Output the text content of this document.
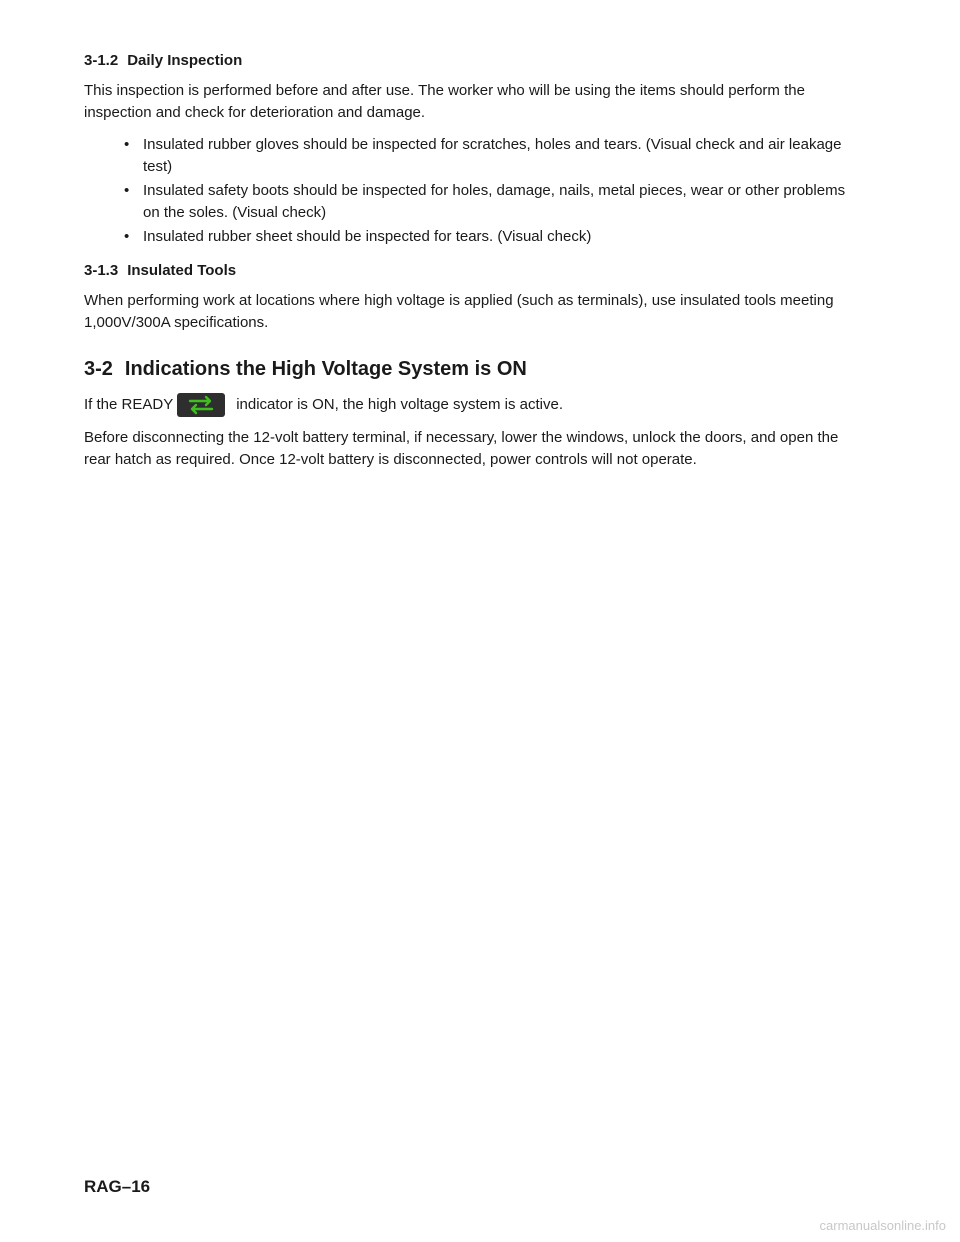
3-1.2 Daily Inspection

This inspection is performed before and after use. The worker who will be using the items should perform the inspection and check for deterioration and damage.

• Insulated rubber gloves should be inspected for scratches, holes and tears. (Visual check and air leakage test)
• Insulated safety boots should be inspected for holes, damage, nails, metal pieces, wear or other problems on the soles. (Visual check)
• Insulated rubber sheet should be inspected for tears. (Visual check)
3-1.3 Insulated Tools

When performing work at locations where high voltage is applied (such as terminals), use insulated tools meeting 1,000V/300A specifications.

3-2 Indications the High Voltage System is ON
If the READY	indicator is ON, the high voltage system is active.

Before disconnecting the 12-volt battery terminal, if necessary, lower the windows, unlock the doors, and open the rear hatch as required. Once 12-volt battery is disconnected, power controls will not operate.

RAG–16
carmanualsonline.info
